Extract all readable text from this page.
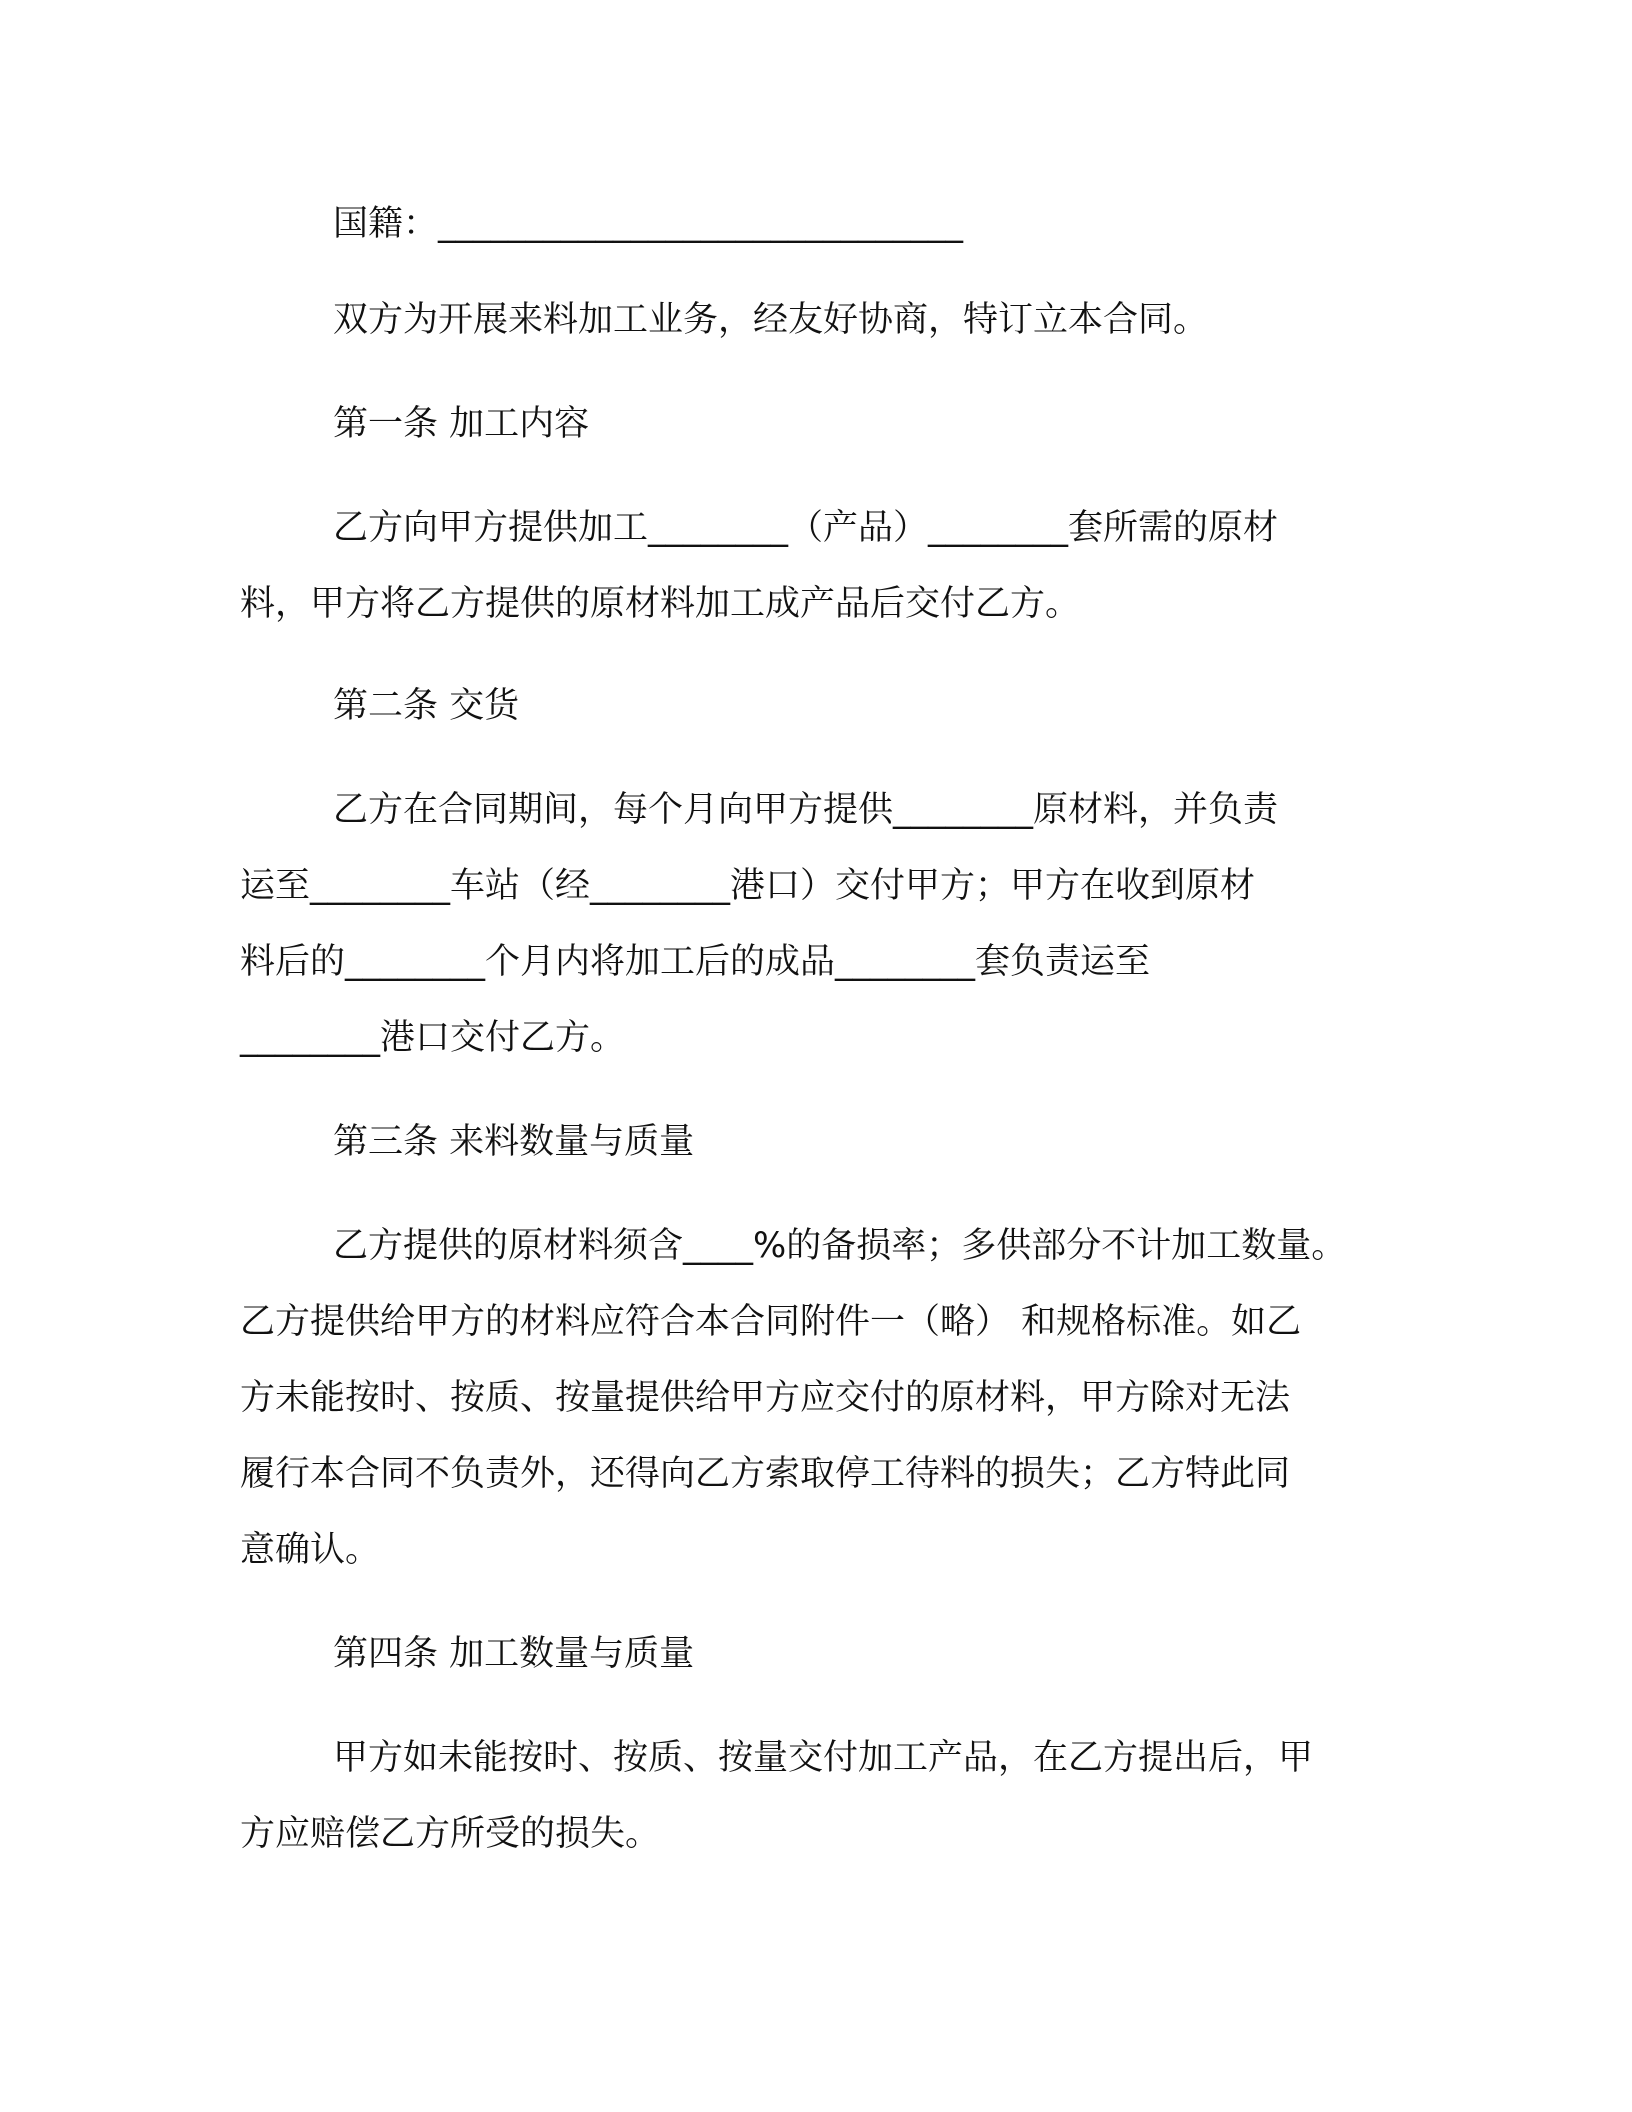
国籍：______________________________
双方为开展来料加工业务，经友好协商，特订立本合同。
第一条 加工内容
乙方向甲方提供加工________（产品）________套所需的原材
料，甲方将乙方提供的原材料加工成产品后交付乙方。
第二条 交货
乙方在合同期间，每个月向甲方提供________原材料，并负责
运至________车站（经________港口）交付甲方；甲方在收到原材
料后的________个月内将加工后的成品________套负责运至
________港口交付乙方。
第三条 来料数量与质量
乙方提供的原材料须含____%的备损率；多供部分不计加工数量。
乙方提供给甲方的材料应符合本合同附件一（略） 和规格标准。如乙
方未能按时、按质、按量提供给甲方应交付的原材料，甲方除对无法
履行本合同不负责外，还得向乙方索取停工待料的损失；乙方特此同
意确认。
第四条 加工数量与质量
甲方如未能按时、按质、按量交付加工产品，在乙方提出后，甲
方应赔偿乙方所受的损失。
